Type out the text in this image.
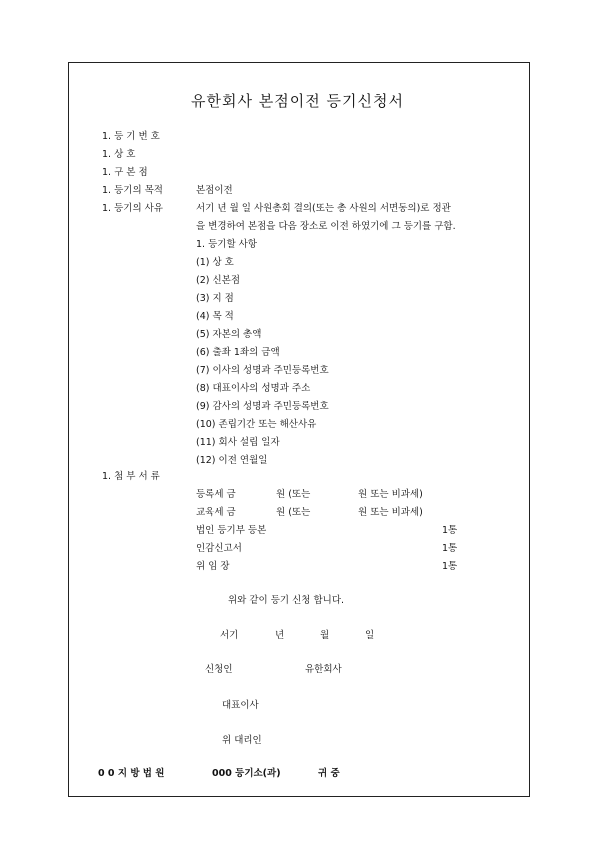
유한회사 본점이전 등기신청서
1. 등 기 번 호
1. 상 호
1. 구 본 점
1. 등기의 목적	본점이전
1. 등기의 사유	서기 년 월 일 사원총회 결의(또는 총 사원의 서면동의)로 정관
을 변경하여 본점을 다음 장소로 이전 하였기에 그 등기를 구함.
1. 등기할 사항
(1) 상 호
(2) 신본점
(3) 지 점
(4) 목 적
(5) 자본의 총액
(6) 출좌 1좌의 금액
(7) 이사의 성명과 주민등록번호
(8) 대표이사의 성명과 주소
(9) 감사의 성명과 주민등록번호
(10) 존립기간 또는 해산사유
(11) 회사 설립 일자
(12) 이전 연월일
1. 첨 부 서 류
등록세 금	원 (또는	원 또는 비과세)
교육세 금	원 (또는	원 또는 비과세)
법인 등기부 등본	1통
인감신고서	1통
위 임 장	1통
위와 같이 등기 신청 합니다.
서기	년	월	일
신청인	유한회사
대표이사
위 대리인
0 0 지 방 법 원	000 등기소(과)	귀 중
